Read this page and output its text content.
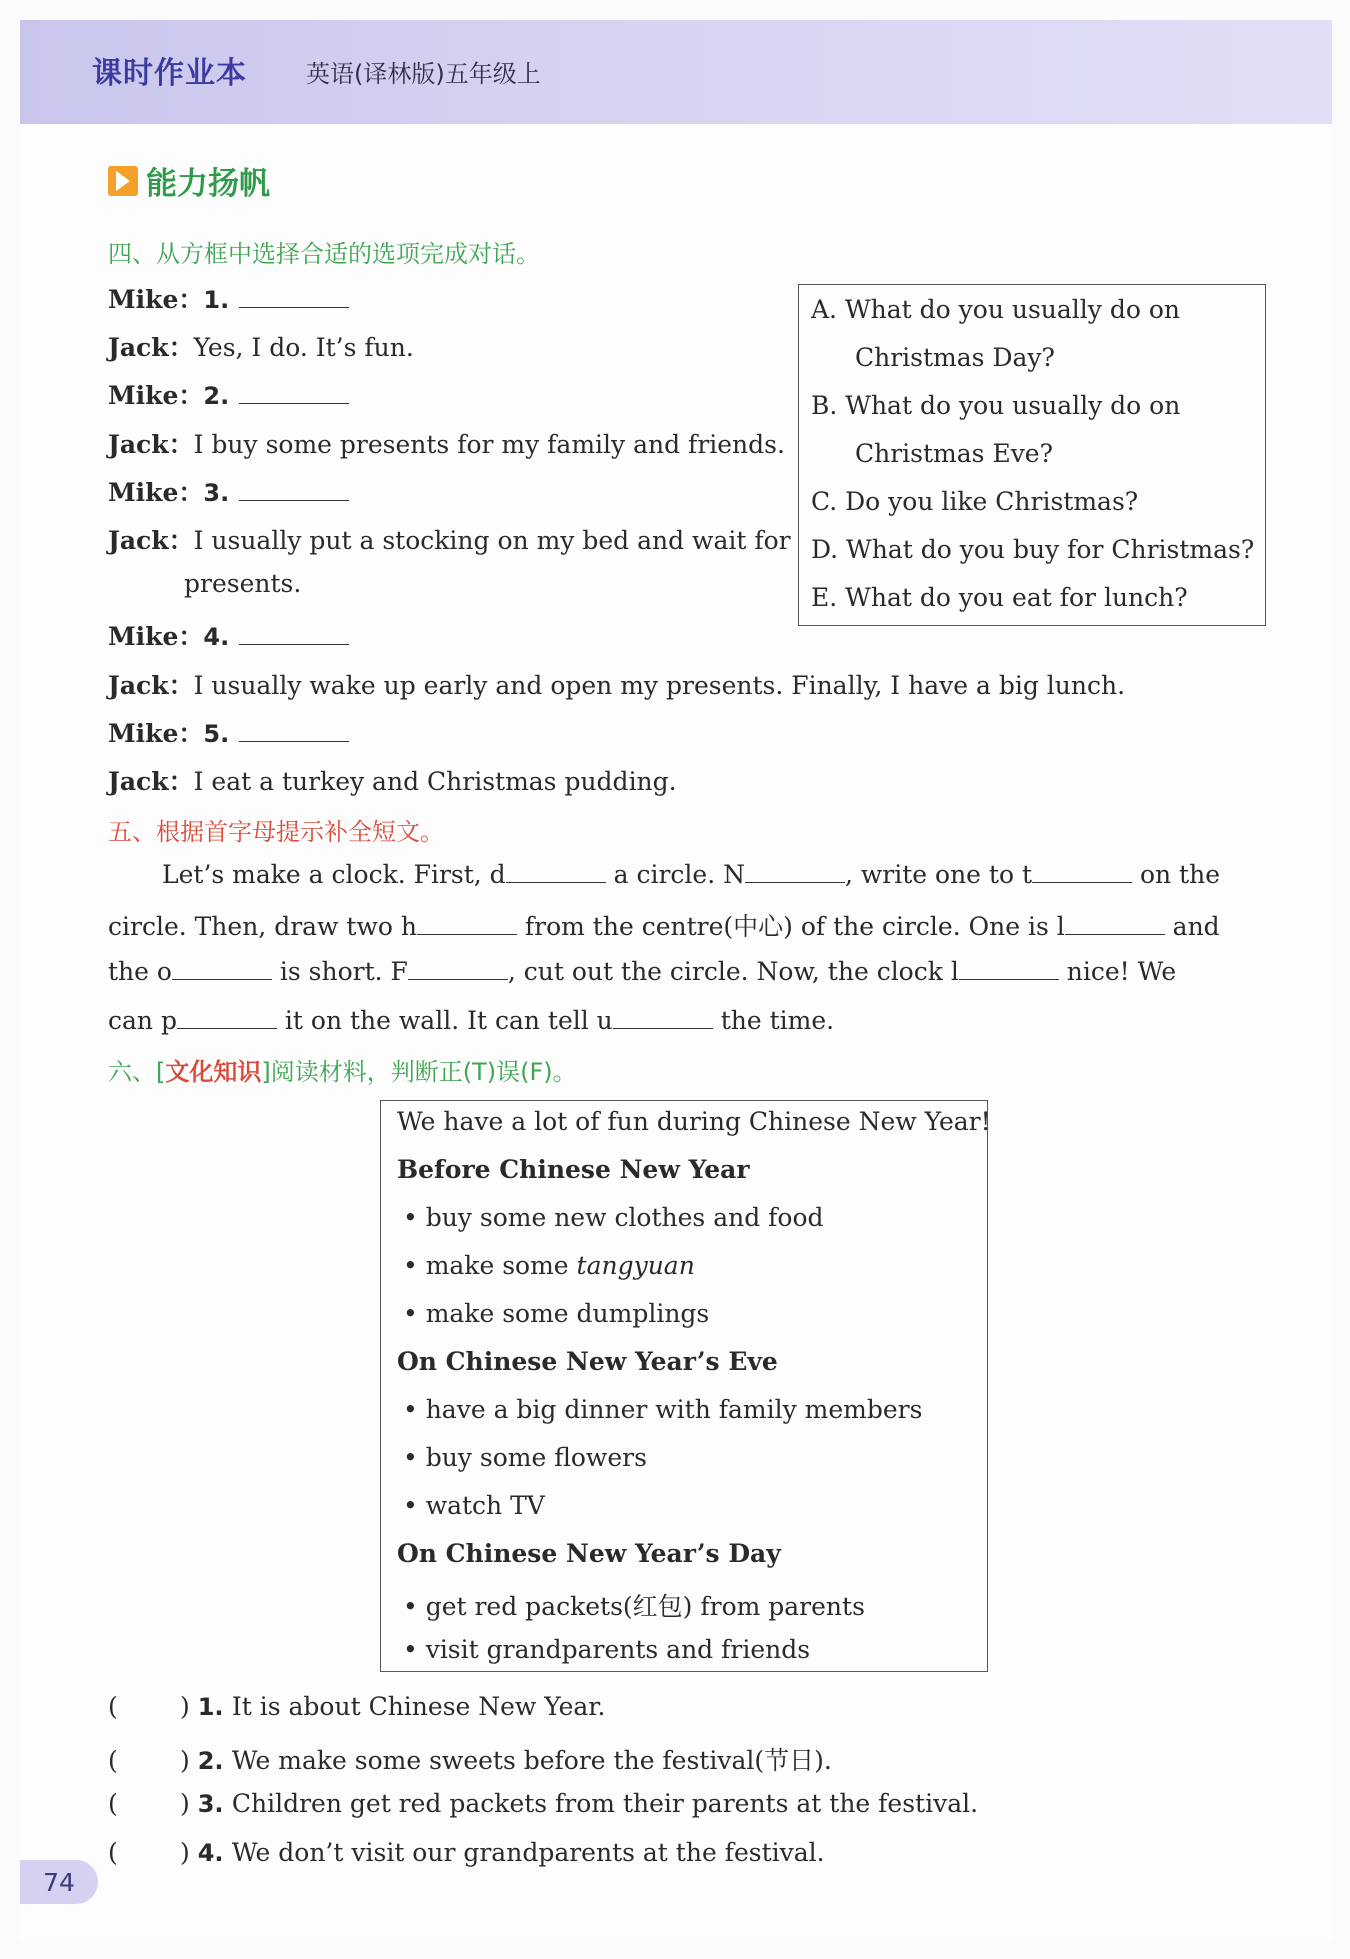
课时作业本 英语(译林版)五年级上
能力扬帆
四、从方框中选择合适的选项完成对话。
Mike：1.
Jack：Yes, I do. It’s fun.
Mike：2.
Jack：I buy some presents for my family and friends.
Mike：3.
Jack：I usually put a stocking on my bed and wait for
presents.
Mike：4.
Jack：I usually wake up early and open my presents. Finally, I have a big lunch.
Mike：5.
Jack：I eat a turkey and Christmas pudding.
A. What do you usually do on
Christmas Day?
B. What do you usually do on
Christmas Eve?
C. Do you like Christmas?
D. What do you buy for Christmas?
E. What do you eat for lunch?
五、根据首字母提示补全短文。
Let’s make a clock. First, d	a circle. N	, write one to t	on the
circle. Then, draw two h	from the centre(中心) of the circle. One is l	and
the o	is short. F	, cut out the circle. Now, the clock l	nice! We
can p	it on the wall. It can tell u	the time.
六、[文化知识]阅读材料，判断正(T)误(F)。
We have a lot of fun during Chinese New Year!
Before Chinese New Year
• buy some new clothes and food
• make some tangyuan
• make some dumplings
On Chinese New Year’s Eve
• have a big dinner with family members
• buy some flowers
• watch TV
On Chinese New Year’s Day
• get red packets(红包) from parents
• visit grandparents and friends
( ) 1. It is about Chinese New Year.
( ) 2. We make some sweets before the festival(节日).
( ) 3. Children get red packets from their parents at the festival.
( ) 4. We don’t visit our grandparents at the festival.
74
